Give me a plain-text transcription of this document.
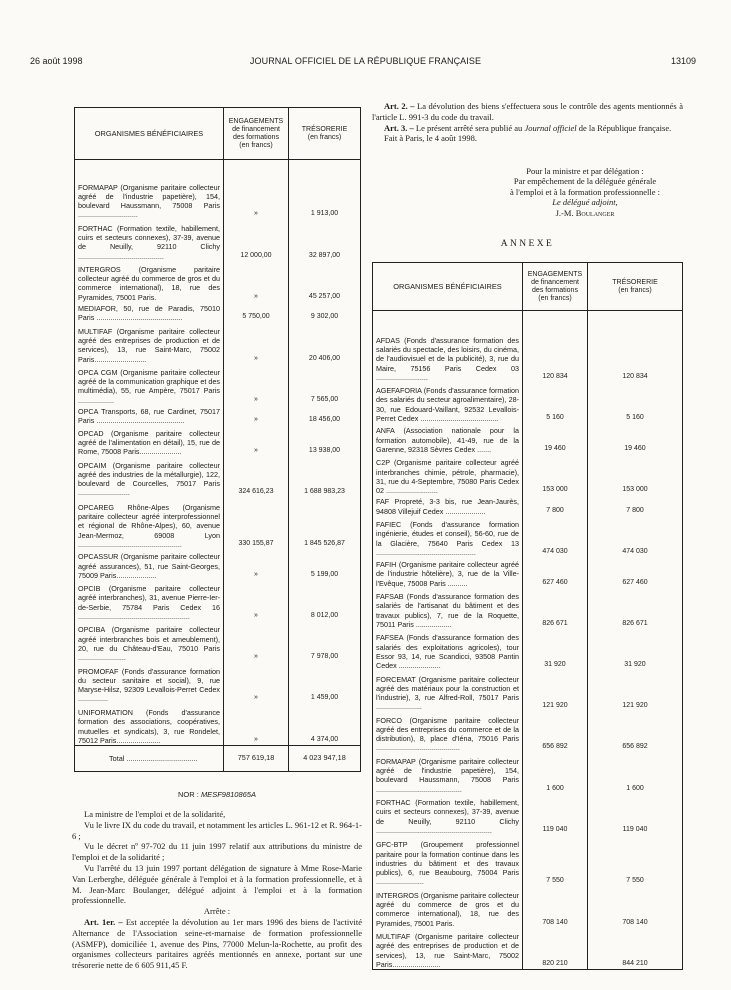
26 août 1998	JOURNAL OFFICIEL DE LA RÉPUBLIQUE FRANÇAISE	13109
ORGANISMES BÉNÉFICIAIRES	ENGAGEMENTS
de financement
des formations
(en francs)	TRÉSORERIE
(en francs)

FORMAPAP (Organisme paritaire collecteur agréé de l'industrie papetière), 154, boulevard Haussmann, 75008 Paris ..............................	»	1 913,00
FORTHAC (Formation textile, habillement, cuirs et secteurs connexes), 37-39, avenue de Neuilly, 92110 Clichy ...........................................	12 000,00	32 897,00
INTERGROS (Organisme paritaire collecteur agréé du commerce de gros et du commerce international), 18, rue des Pyramides, 75001 Paris.	»	45 257,00
MEDIAFOR, 50, rue de Paradis, 75010 Paris ...........................................	5 750,00	9 302,00
MULTIFAF (Organisme paritaire collecteur agréé des entreprises de production et de services), 13, rue Saint-Marc, 75002 Paris..........................	»	20 406,00
OPCA CGM (Organisme paritaire collecteur agréé de la communication graphique et des multimédia), 55, rue Ampère, 75017 Paris ..................	»	7 565,00
OPCA Transports, 68, rue Cardinet, 75017 Paris ............................................	»	18 456,00
OPCAD (Organisme paritaire collecteur agréé de l'alimentation en détail), 15, rue de Rome, 75008 Paris.....................	»	13 938,00
OPCAIM (Organisme paritaire collecteur agréé des industries de la métallurgie), 122, boulevard de Courcelles, 75017 Paris ..........................	324 616,23	1 688 983,23
OPCAREG Rhône-Alpes (Organisme paritaire collecteur agréé interprofessionnel et régional de Rhône-Alpes), 60, avenue Jean-Mermoz, 69008 Lyon ....................................................	330 155,87	1 845 526,87
OPCASSUR (Organisme paritaire collecteur agréé assurances), 51, rue Saint-Georges, 75009 Paris....................	»	5 199,00
OPCIB (Organisme paritaire collecteur agréé interbranches), 31, avenue Pierre-Ier-de-Serbie, 75784 Paris Cedex 16 ........................................................	»	8 012,00
OPCIBA (Organisme paritaire collecteur agréé interbranches bois et ameublement), 20, rue du Château-d'Eau, 75010 Paris ........................	»	7 978,00
PROMOFAF (Fonds d'assurance formation du secteur sanitaire et social), 9, rue Maryse-Hilsz, 92309 Levallois-Perret Cedex ...............	»	1 459,00
UNIFORMATION (Fonds d'assurance formation des associations, coopératives, mutuelles et syndicats), 3, rue Rondelet, 75012 Paris......................	»	4 374,00
Total ...................................	757 619,18	4 023 947,18
NOR : MESF9810865A

La ministre de l'emploi et de la solidarité,

Vu le livre IX du code du travail, et notamment les articles L. 961-12 et R. 964-1-6 ;

Vu le décret nº 97-702 du 11 juin 1997 relatif aux attributions du ministre de l'emploi et de la solidarité ;

Vu l'arrêté du 13 juin 1997 portant délégation de signature à Mme Rose-Marie Van Lerberghe, déléguée générale à l'emploi et à la formation professionnelle, et à M. Jean-Marc Boulanger, délégué adjoint à l'emploi et à la formation professionnelle.

Arrête :

Art. 1er. – Est acceptée la dévolution au 1er mars 1996 des biens de l'activité Alternance de l'Association seine-et-marnaise de formation professionnelle (ASMFP), domiciliée 1, avenue des Pins, 77000 Melun-la-Rochette, au profit des organismes collecteurs paritaires agréés mentionnés en annexe, portant sur une trésorerie nette de 6 605 911,45 F.

Art. 2. – La dévolution des biens s'effectuera sous le contrôle des agents mentionnés à l'article L. 991-3 du code du travail.

Art. 3. – Le présent arrêté sera publié au Journal officiel de la République française.

Fait à Paris, le 4 août 1998.

Pour la ministre et par délégation :
Par empêchement de la déléguée générale
à l'emploi et à la formation professionnelle :
Le délégué adjoint,
J.-M. Boulanger
ANNEXE
ORGANISMES BÉNÉFICIAIRES	ENGAGEMENTS
de financement
des formations
(en francs)	TRÉSORERIE
(en francs)

AFDAS (Fonds d'assurance formation des salariés du spectacle, des loisirs, du cinéma, de l'audiovisuel et de la publicité), 3, rue du Maire, 75156 Paris Cedex 03 ..........................	120 834	120 834
AGEFAFORIA (Fonds d'assurance formation des salariés du secteur agroalimentaire), 28-30, rue Edouard-Vaillant, 92532 Levallois-Perret Cedex .......................................	5 160	5 160
ANFA (Association nationale pour la formation automobile), 41-49, rue de la Garenne, 92318 Sèvres Cedex .......	19 460	19 460
C2P (Organisme paritaire collecteur agréé interbranches chimie, pétrole, pharmacie), 31, rue du 4-Septembre, 75080 Paris Cedex 02 ..........................	153 000	153 000
FAF Propreté, 3-3 bis, rue Jean-Jaurès, 94808 Villejuif Cedex ....................	7 800	7 800
FAFIEC (Fonds d'assurance formation ingénierie, études et conseil), 56-60, rue de la Glacière, 75640 Paris Cedex 13 ..................................................	474 030	474 030
FAFIH (Organisme paritaire collecteur agréé de l'industrie hôtelière), 3, rue de la Ville-l'Evêque, 75008 Paris ..........	627 460	627 460
FAFSAB (Fonds d'assurance formation des salariés de l'artisanat du bâtiment et des travaux publics), 7, rue de la Roquette, 75011 Paris ..................	826 671	826 671
FAFSEA (Fonds d'assurance formation des salariés des exploitations agricoles), tour Essor 93, 14, rue Scandicci, 93508 Pantin Cedex .....................	31 920	31 920
FORCEMAT (Organisme paritaire collecteur agréé des matériaux pour la construction et l'industrie), 3, rue Alfred-Roll, 75017 Paris .......................	121 920	121 920
FORCO (Organisme paritaire collecteur agréé des entreprises du commerce et de la distribution), 8, place d'Iéna, 75016 Paris ..........................................	656 892	656 892
FORMAPAP (Organisme paritaire collecteur agréé de l'industrie papetière), 154, boulevard Haussmann, 75008 Paris ...........................................	1 600	1 600
FORTHAC (Formation textile, habillement, cuirs et secteurs connexes), 37-39, avenue de Neuilly, 92110 Clichy ..........................................................	119 040	119 040
GFC-BTP (Groupement professionnel paritaire pour la formation continue dans les industries du bâtiment et des travaux publics), 6, rue Beaubourg, 75004 Paris ........................	7 550	7 550
INTERGROS (Organisme paritaire collecteur agréé du commerce de gros et du commerce international), 18, rue des Pyramides, 75001 Paris.	708 140	708 140
MULTIFAF (Organisme paritaire collecteur agréé des entreprises de production et de services), 13, rue Saint-Marc, 75002 Paris........................	820 210	844 210
